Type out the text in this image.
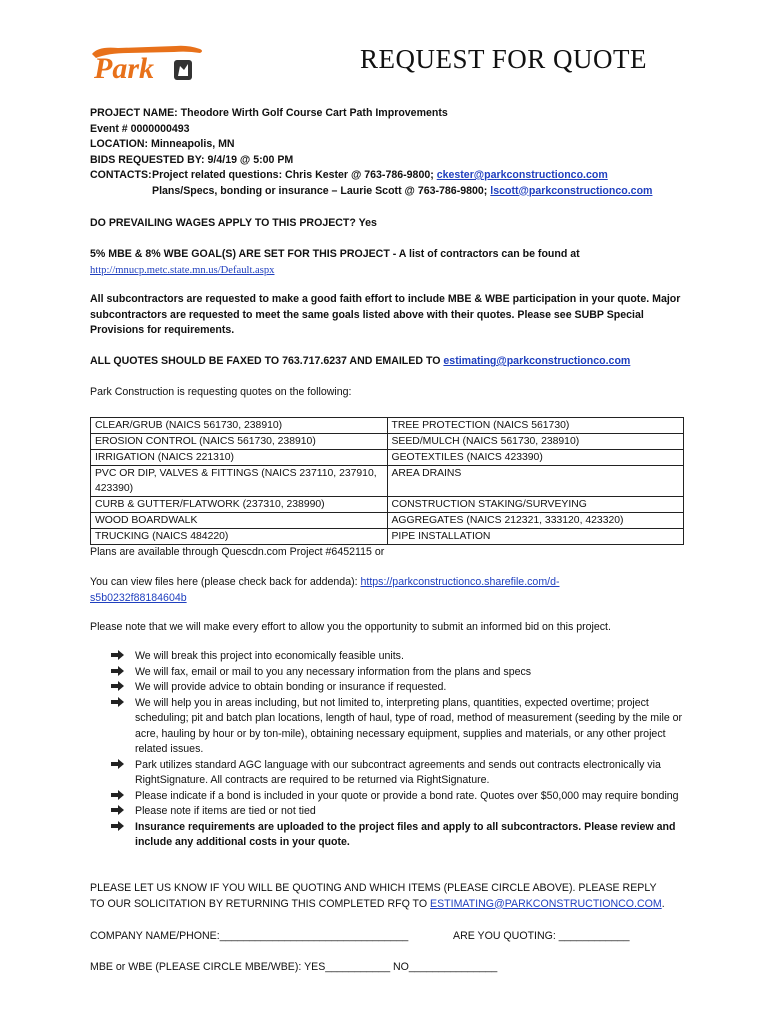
Park	REQUEST FOR QUOTE
PROJECT NAME: Theodore Wirth Golf Course Cart Path Improvements
Event # 0000000493
LOCATION: Minneapolis, MN
BIDS REQUESTED BY: 9/4/19 @ 5:00 PM
CONTACTS: Project related questions: Chris Kester @ 763-786-9800; ckester@parkconstructionco.com
Plans/Specs, bonding or insurance – Laurie Scott @ 763-786-9800; lscott@parkconstructionco.com
DO PREVAILING WAGES APPLY TO THIS PROJECT? Yes
5% MBE & 8% WBE GOAL(S) ARE SET FOR THIS PROJECT - A list of contractors can be found at
http://mnucp.metc.state.mn.us/Default.aspx
All subcontractors are requested to make a good faith effort to include MBE & WBE participation in your quote. Major subcontractors are requested to meet the same goals listed above with their quotes. Please see SUBP Special Provisions for requirements.
ALL QUOTES SHOULD BE FAXED TO 763.717.6237 AND EMAILED TO estimating@parkconstructionco.com
Park Construction is requesting quotes on the following:
CLEAR/GRUB (NAICS 561730, 238910)	TREE PROTECTION (NAICS 561730)
EROSION CONTROL (NAICS 561730, 238910)	SEED/MULCH (NAICS 561730, 238910)
IRRIGATION (NAICS 221310)	GEOTEXTILES (NAICS 423390)
PVC OR DIP, VALVES & FITTINGS (NAICS 237110, 237910, 423390)	AREA DRAINS
CURB & GUTTER/FLATWORK (237310, 238990)	CONSTRUCTION STAKING/SURVEYING
WOOD BOARDWALK	AGGREGATES (NAICS 212321, 333120, 423320)
TRUCKING (NAICS 484220)	PIPE INSTALLATION
Plans are available through Quescdn.com Project #6452115 or
You can view files here (please check back for addenda): https://parkconstructionco.sharefile.com/d-
s5b0232f88184604b
Please note that we will make every effort to allow you the opportunity to submit an informed bid on this project.
We will break this project into economically feasible units.
We will fax, email or mail to you any necessary information from the plans and specs
We will provide advice to obtain bonding or insurance if requested.
We will help you in areas including, but not limited to, interpreting plans, quantities, expected overtime; project scheduling; pit and batch plan locations, length of haul, type of road, method of measurement (seeding by the mile or acre, hauling by hour or by ton-mile), obtaining necessary equipment, supplies and materials, or any other project related issues.
Park utilizes standard AGC language with our subcontract agreements and sends out contracts electronically via RightSignature. All contracts are required to be returned via RightSignature.
Please indicate if a bond is included in your quote or provide a bond rate. Quotes over $50,000 may require bonding
Please note if items are tied or not tied
Insurance requirements are uploaded to the project files and apply to all subcontractors. Please review and include any additional costs in your quote.
PLEASE LET US KNOW IF YOU WILL BE QUOTING AND WHICH ITEMS (PLEASE CIRCLE ABOVE). PLEASE REPLY TO OUR SOLICITATION BY RETURNING THIS COMPLETED RFQ TO ESTIMATING@PARKCONSTRUCTIONCO.COM.
COMPANY NAME/PHONE:________________________________	ARE YOU QUOTING: ____________
MBE or WBE (PLEASE CIRCLE MBE/WBE): YES___________ NO_______________
